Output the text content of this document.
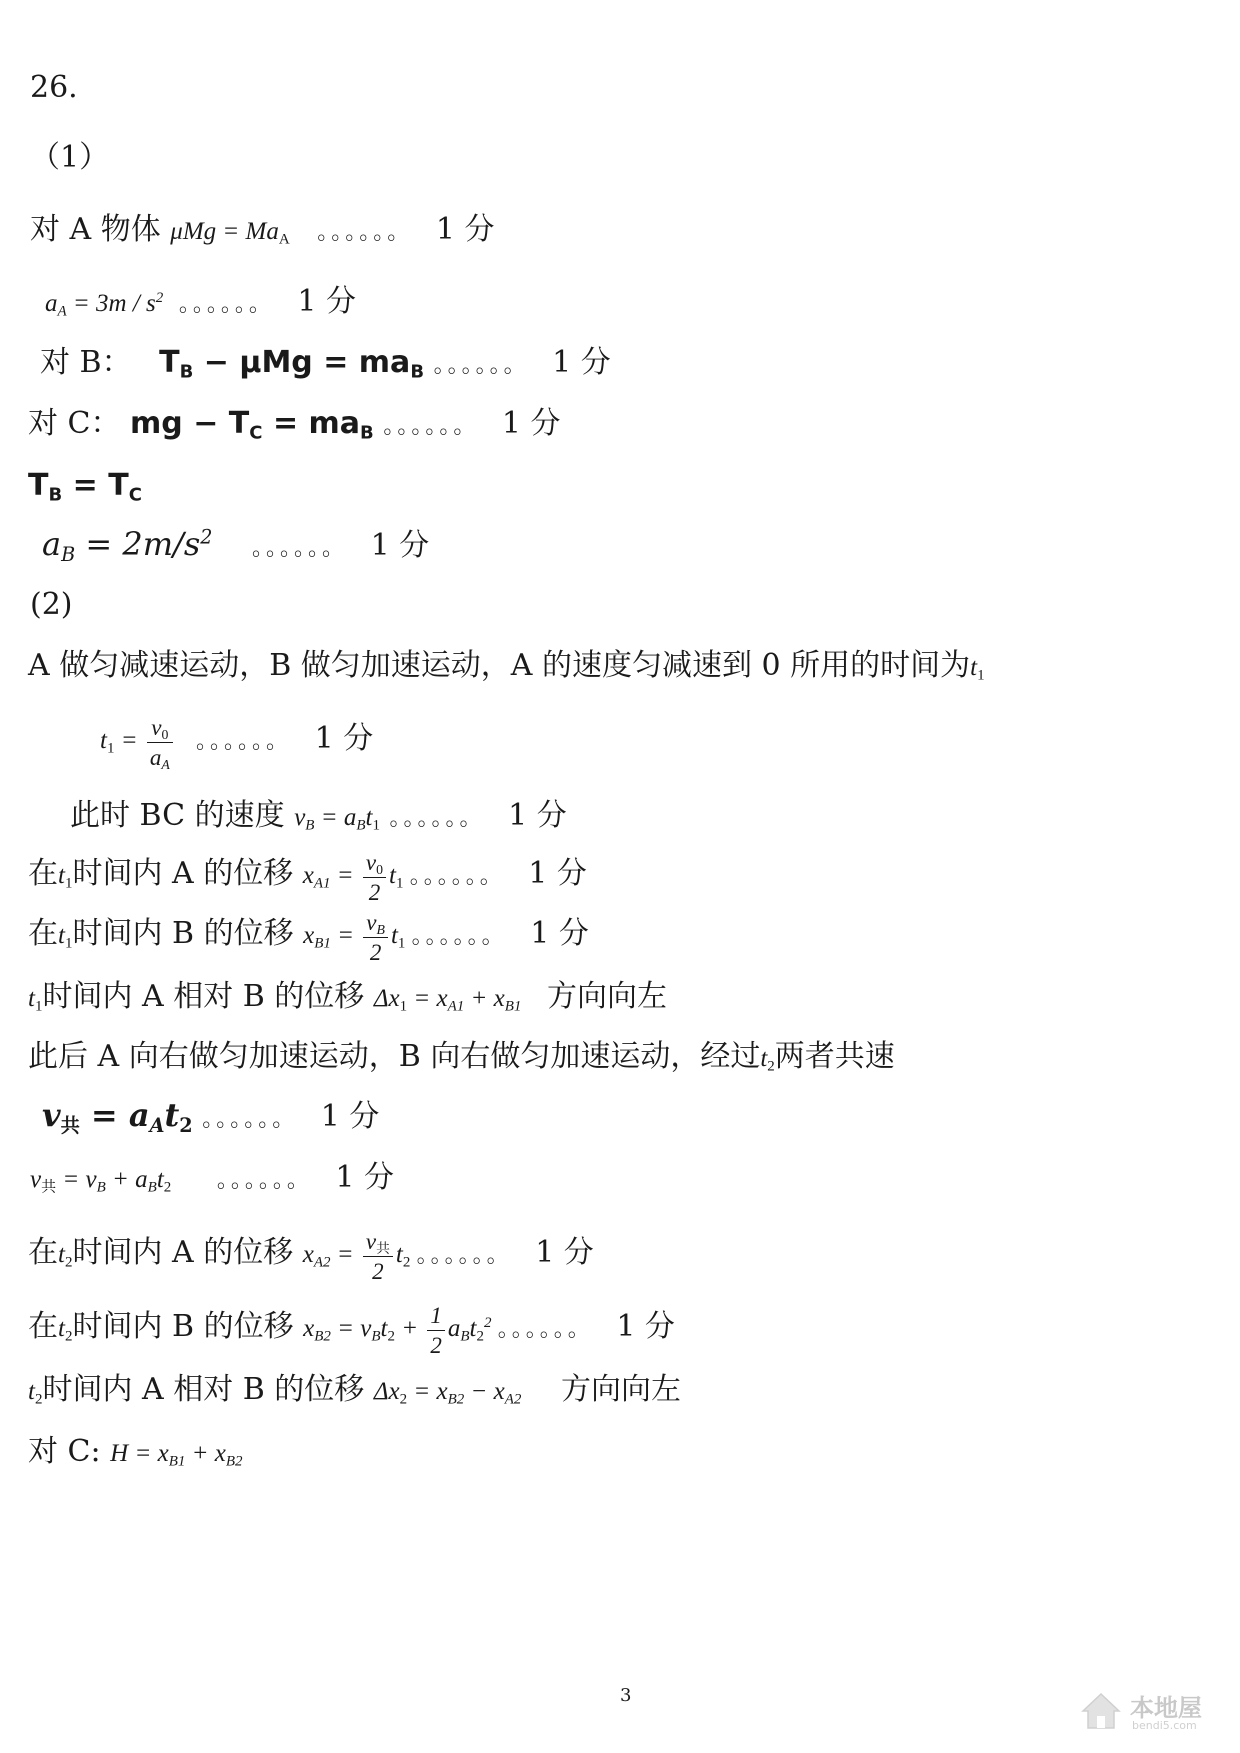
26.
（1）
对 A 物体 $\mu Mg = Ma_A$ 。。。。。。 1 分
$a_A = 3m / s^2$ 。。。。。。 1 分
对 B： $T_B - \mu Mg = ma_B$ 。。。。。。 1 分
对 C： mg − $T_C = ma_B$ 。。。。。。 1 分
$T_B = T_C$
$a_B = 2m/s^2$ 。。。。。。 1 分
(2)
A 做匀减速运动，B 做匀加速运动，A 的速度匀减速到 0 所用的时间为$t_1$
$t_1 = \frac{v_0}{a_A}$ 。。。。。。 1 分
此时 BC 的速度 $v_B = a_Bt_1$ 。。。。。。 1 分
在$t_1$时间内 A 的位移 $x_{A1} = \frac{v_0}{2} t_1$ 。。。。。。 1 分
在$t_1$时间内 B 的位移 $x_{B1} = \frac{v_B}{2} t_1$ 。。。。。。 1 分
$t_1$时间内 A 相对 B 的位移 $\Delta x_1 = x_{A1} + x_{B1}$ 方向向左
此后 A 向右做匀加速运动，B 向右做匀加速运动，经过$t_2$两者共速
$v_共 = a_At_2$ 。。。。。。 1 分
$v_共 = v_B + a_Bt_2$ 。。。。。。 1 分
在$t_2$时间内 A 的位移 $x_{A2} = \frac{v_共}{2} t_2$ 。。。。。。 1 分
在$t_2$时间内 B 的位移 $x_{B2} = v_Bt_2 + \frac{1}{2} a_Bt_2^2$ 。。。。。。 1 分
$t_2$时间内 A 相对 B 的位移 $\Delta x_2 = x_{B2} - x_{A2}$ 方向向左
对 C: $H = x_{B1} + x_{B2}$
3	本地屋
bendi5.com
